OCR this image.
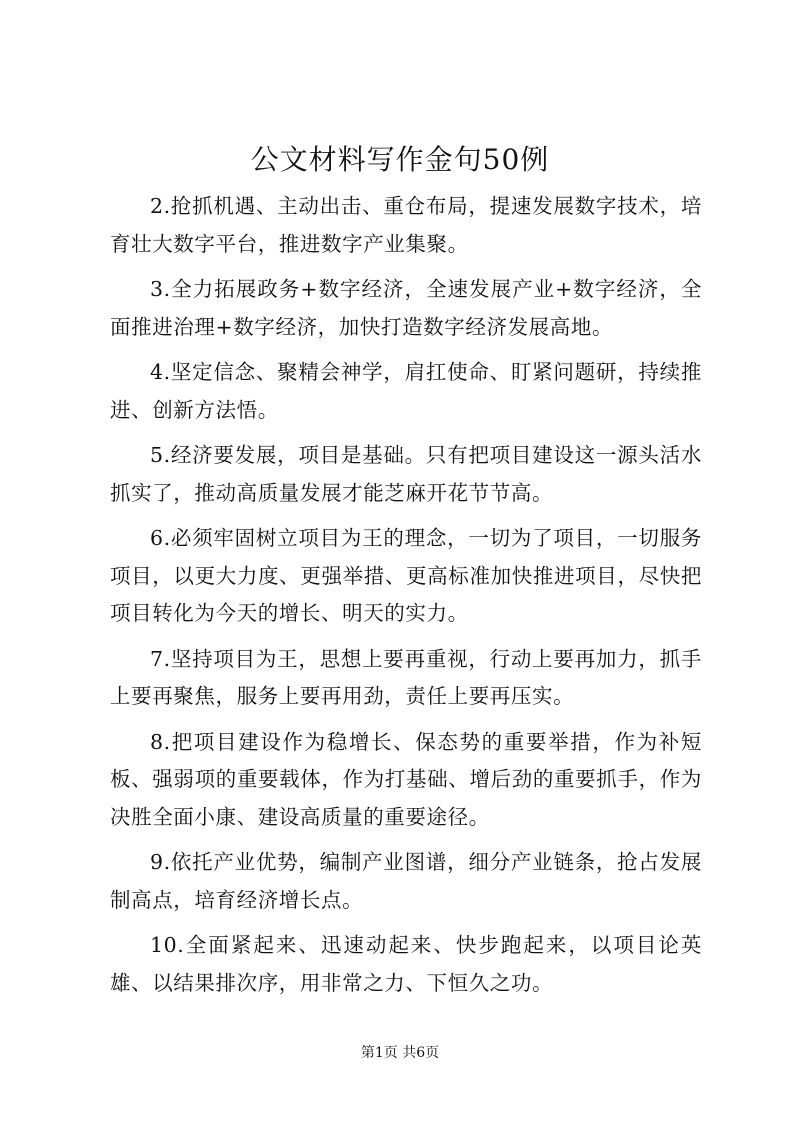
公文材料写作金句50例

2.抢抓机遇、主动出击、重仓布局，提速发展数字技术，培育壮大数字平台，推进数字产业集聚。

3.全力拓展政务+数字经济，全速发展产业+数字经济，全面推进治理+数字经济，加快打造数字经济发展高地。

4.坚定信念、聚精会神学，肩扛使命、盯紧问题研，持续推进、创新方法悟。

5.经济要发展，项目是基础。只有把项目建设这一源头活水抓实了，推动高质量发展才能芝麻开花节节高。

6.必须牢固树立项目为王的理念，一切为了项目，一切服务项目，以更大力度、更强举措、更高标准加快推进项目，尽快把项目转化为今天的增长、明天的实力。

7.坚持项目为王，思想上要再重视，行动上要再加力，抓手上要再聚焦，服务上要再用劲，责任上要再压实。

8.把项目建设作为稳增长、保态势的重要举措，作为补短板、强弱项的重要载体，作为打基础、增后劲的重要抓手，作为决胜全面小康、建设高质量的重要途径。

9.依托产业优势，编制产业图谱，细分产业链条，抢占发展制高点，培育经济增长点。

10.全面紧起来、迅速动起来、快步跑起来，以项目论英雄、以结果排次序，用非常之力、下恒久之功。

第1页 共6页
